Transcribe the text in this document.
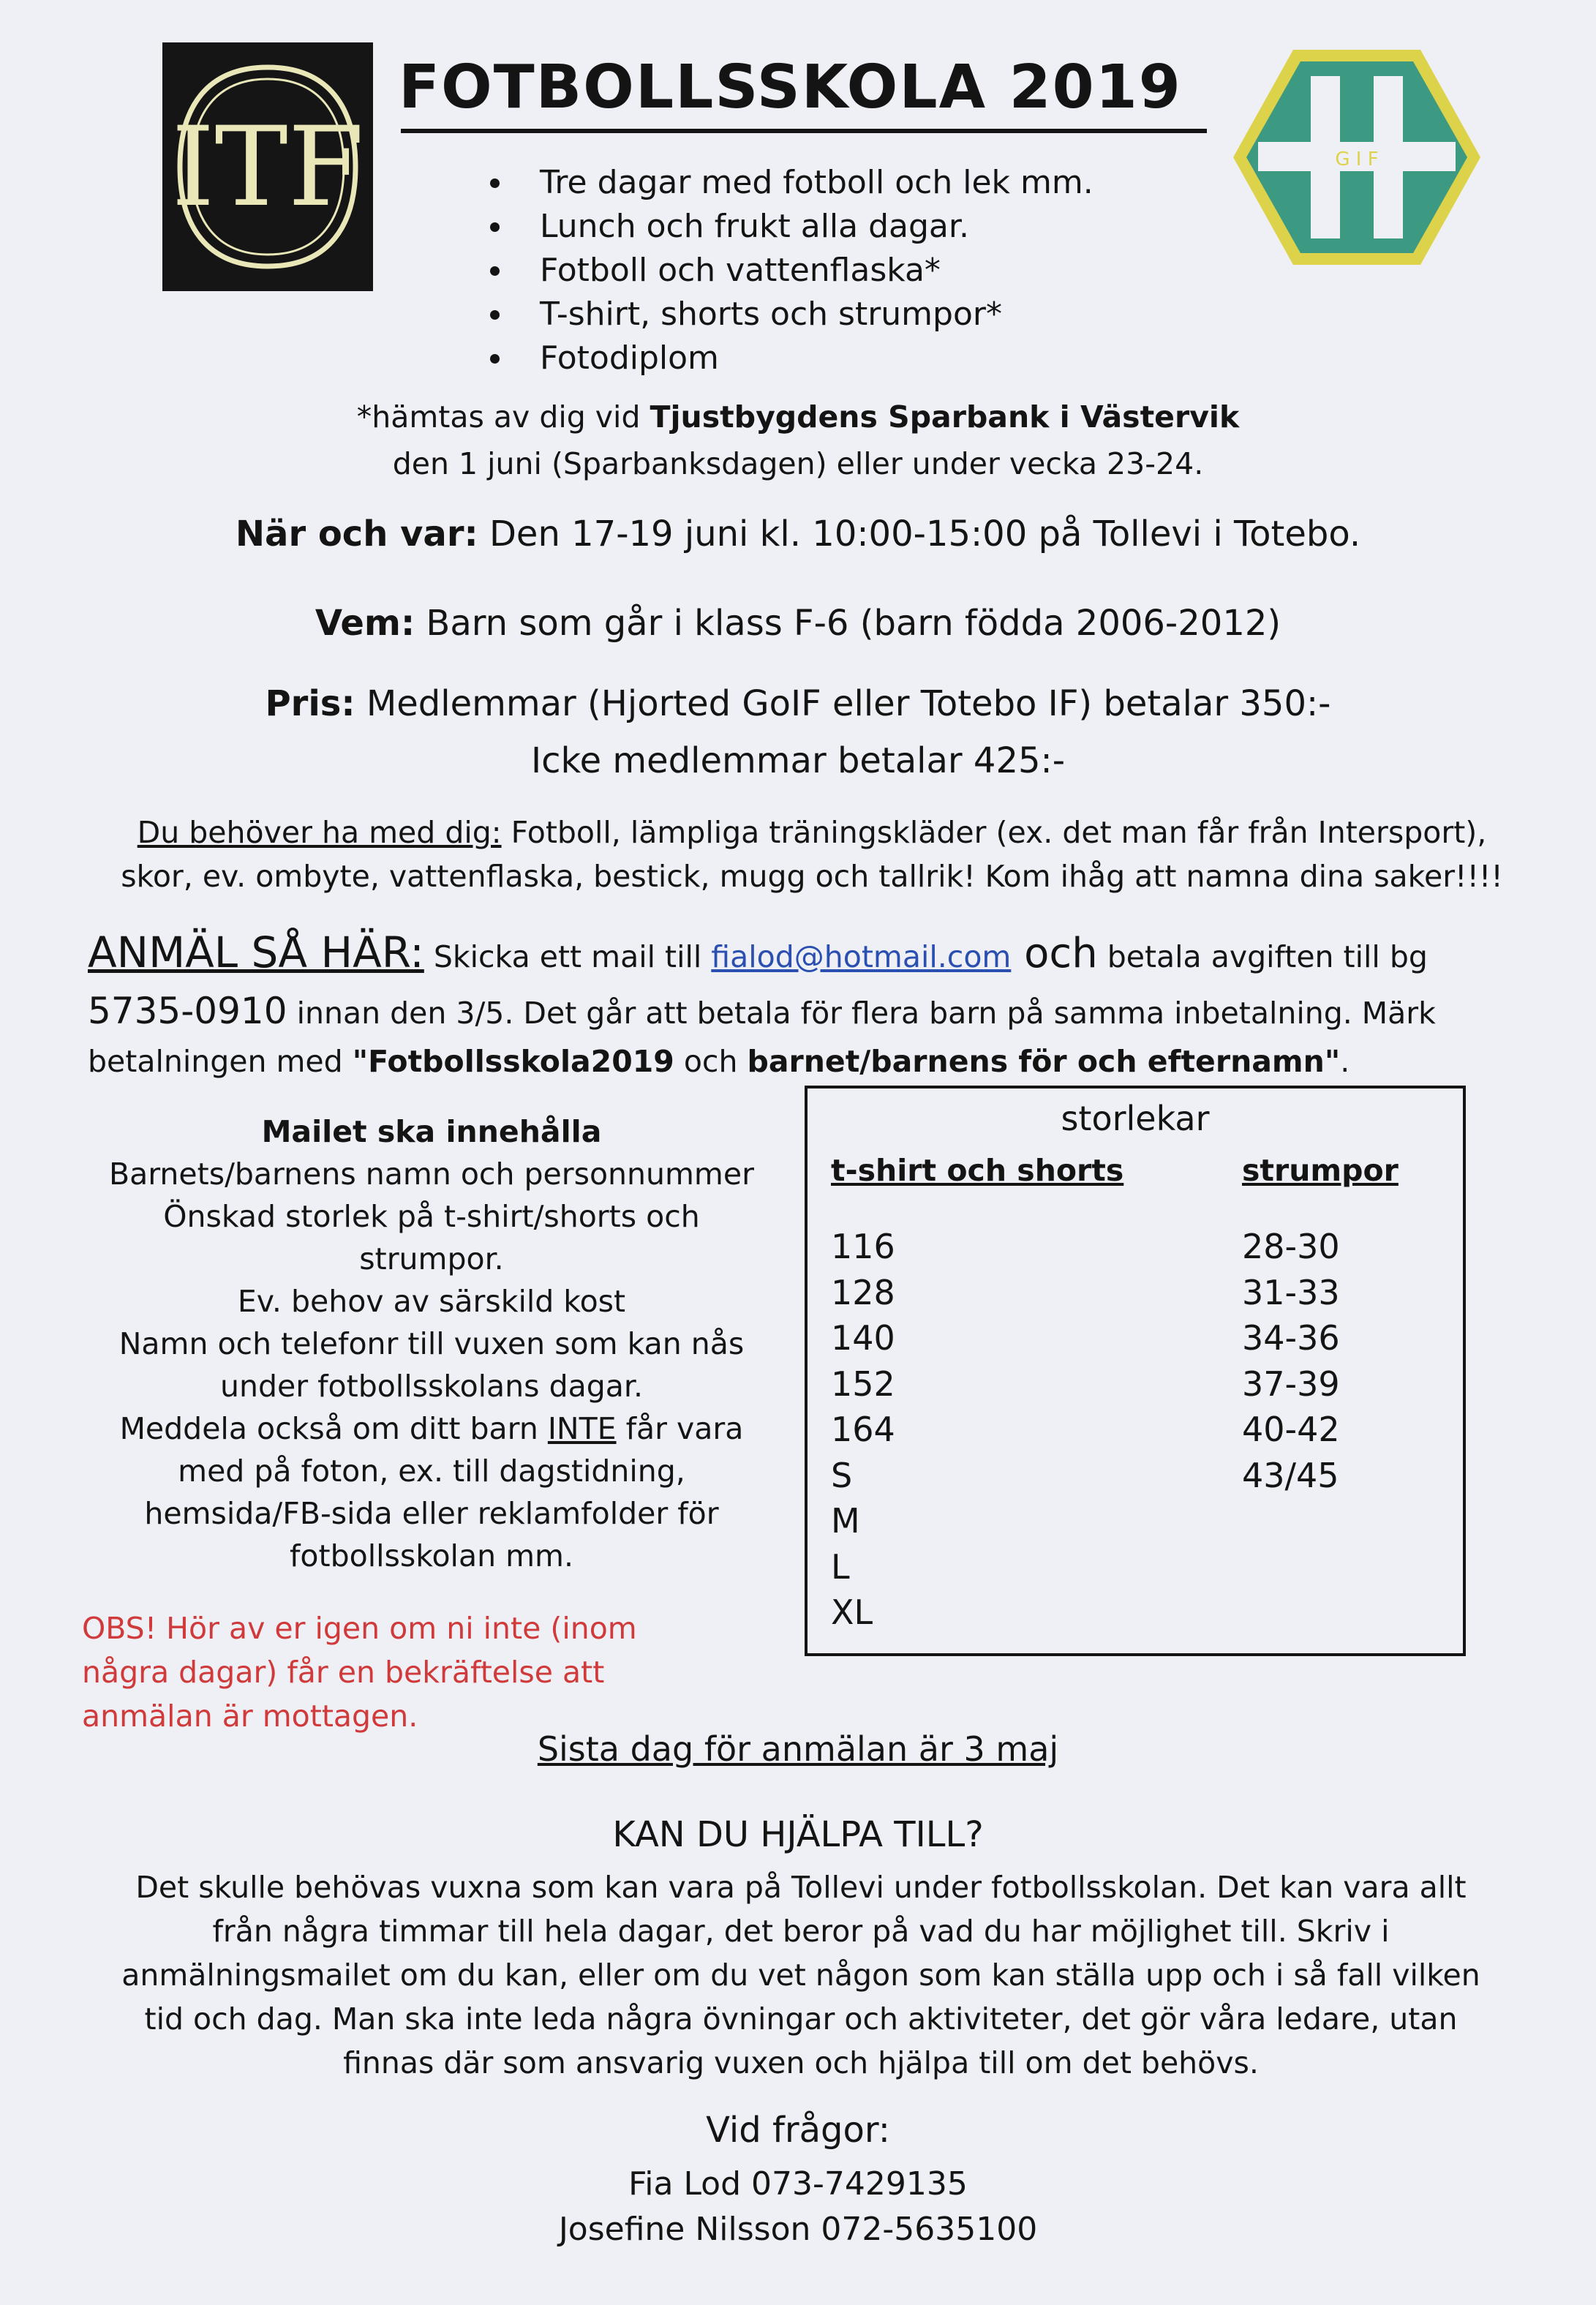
ITF	G I F
FOTBOLLSSKOLA 2019
Tre dagar med fotboll och lek mm.
Lunch och frukt alla dagar.
Fotboll och vattenflaska*
T-shirt, shorts och strumpor*
Fotodiplom
*hämtas av dig vid Tjustbygdens Sparbank i Västervik
den 1 juni (Sparbanksdagen) eller under vecka 23-24.
När och var: Den 17-19 juni kl. 10:00-15:00 på Tollevi i Totebo.
Vem: Barn som går i klass F-6 (barn födda 2006-2012)
Pris: Medlemmar (Hjorted GoIF eller Totebo IF) betalar 350:-
Icke medlemmar betalar 425:-
Du behöver ha med dig: Fotboll, lämpliga träningskläder (ex. det man får från Intersport),
skor, ev. ombyte, vattenflaska, bestick, mugg och tallrik! Kom ihåg att namna dina saker!!!!
ANMÄL SÅ HÄR: Skicka ett mail till fialod@hotmail.com och betala avgiften till bg
5735-0910 innan den 3/5. Det går att betala för flera barn på samma inbetalning. Märk
betalningen med "Fotbollsskola2019 och barnet/barnens för och efternamn".
Mailet ska innehålla
Barnets/barnens namn och personnummer
Önskad storlek på t-shirt/shorts och
strumpor.
Ev. behov av särskild kost
Namn och telefonr till vuxen som kan nås
under fotbollsskolans dagar.
Meddela också om ditt barn INTE får vara
med på foton, ex. till dagstidning,
hemsida/FB-sida eller reklamfolder för
fotbollsskolan mm.
OBS! Hör av er igen om ni inte (inom
några dagar) får en bekräftelse att
anmälan är mottagen.
storlekar
t-shirt och shorts	strumpor
116
128
140
152
164
S
M
L
XL
28-30
31-33
34-36
37-39
40-42
43/45
Sista dag för anmälan är 3 maj
KAN DU HJÄLPA TILL?
Det skulle behövas vuxna som kan vara på Tollevi under fotbollsskolan. Det kan vara allt
från några timmar till hela dagar, det beror på vad du har möjlighet till. Skriv i
anmälningsmailet om du kan, eller om du vet någon som kan ställa upp och i så fall vilken
tid och dag. Man ska inte leda några övningar och aktiviteter, det gör våra ledare, utan
finnas där som ansvarig vuxen och hjälpa till om det behövs.
Vid frågor:
Fia Lod 073-7429135
Josefine Nilsson 072-5635100
